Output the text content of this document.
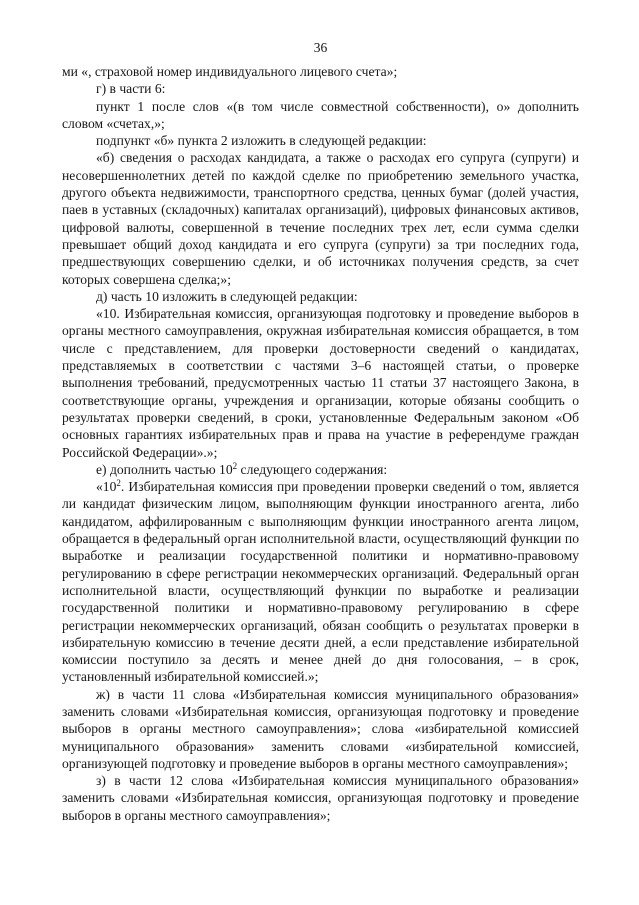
36

ми «, страховой номер индивидуального лицевого счета»;

г) в части 6:

пункт 1 после слов «(в том числе совместной собственности), о» дополнить словом «счетах,»;

подпункт «б» пункта 2 изложить в следующей редакции:

«б) сведения о расходах кандидата, а также о расходах его супруга (супруги) и несовершеннолетних детей по каждой сделке по приобретению земельного участка, другого объекта недвижимости, транспортного средства, ценных бумаг (долей участия, паев в уставных (складочных) капиталах организаций), цифровых финансовых активов, цифровой валюты, совершенной в течение последних трех лет, если сумма сделки превышает общий доход кандидата и его супруга (супруги) за три последних года, предшествующих совершению сделки, и об источниках получения средств, за счет которых совершена сделка;»;

д) часть 10 изложить в следующей редакции:

«10. Избирательная комиссия, организующая подготовку и проведение выборов в органы местного самоуправления, окружная избирательная комиссия обращается, в том числе с представлением, для проверки достоверности сведений о кандидатах, представляемых в соответствии с частями 3–6 настоящей статьи, о проверке выполнения требований, предусмотренных частью 11 статьи 37 настоящего Закона, в соответствующие органы, учреждения и организации, которые обязаны сообщить о результатах проверки сведений, в сроки, установленные Федеральным законом «Об основных гарантиях избирательных прав и права на участие в референдуме граждан Российской Федерации».»;

е) дополнить частью $10^2$ следующего содержания:

«$10^2$. Избирательная комиссия при проведении проверки сведений о том, является ли кандидат физическим лицом, выполняющим функции иностранного агента, либо кандидатом, аффилированным с выполняющим функции иностранного агента лицом, обращается в федеральный орган исполнительной власти, осуществляющий функции по выработке и реализации государственной политики и нормативно-правовому регулированию в сфере регистрации некоммерческих организаций. Федеральный орган исполнительной власти, осуществляющий функции по выработке и реализации государственной политики и нормативно-правовому регулированию в сфере регистрации некоммерческих организаций, обязан сообщить о результатах проверки в избирательную комиссию в течение десяти дней, а если представление избирательной комиссии поступило за десять и менее дней до дня голосования, – в срок, установленный избирательной комиссией.»;

ж) в части 11 слова «Избирательная комиссия муниципального образования» заменить словами «Избирательная комиссия, организующая подготовку и проведение выборов в органы местного самоуправления»; слова «избирательной комиссией муниципального образования» заменить словами «избирательной комиссией, организующей подготовку и проведение выборов в органы местного самоуправления»;

з) в части 12 слова «Избирательная комиссия муниципального образования» заменить словами «Избирательная комиссия, организующая подготовку и проведение выборов в органы местного самоуправления»;
